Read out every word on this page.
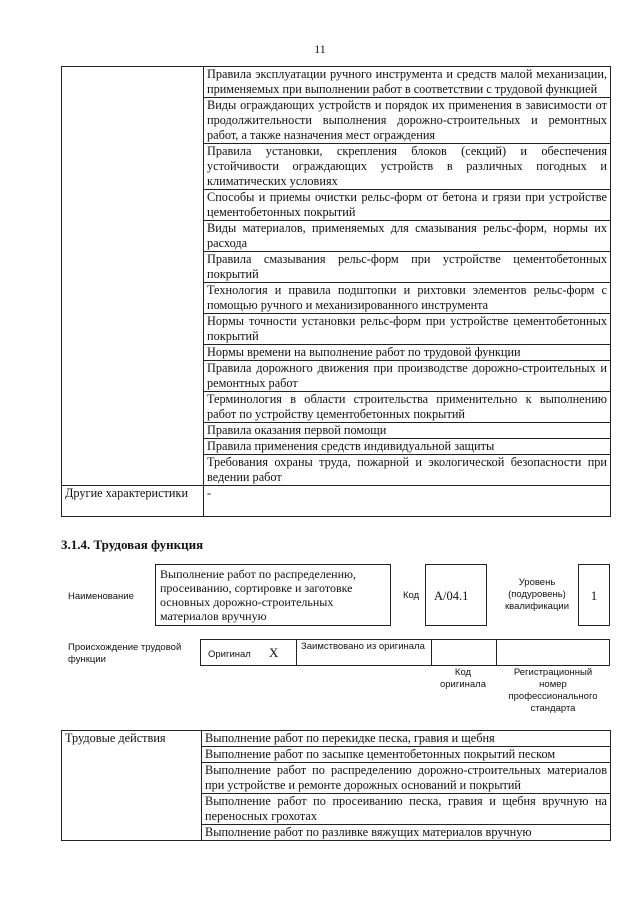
11
	Правила эксплуатации ручного инструмента и средств малой механизации, применяемых при выполнении работ в соответствии с трудовой функцией
	Виды ограждающих устройств и порядок их применения в зависимости от продолжительности выполнения дорожно-строительных и ремонтных работ, а также назначения мест ограждения
	Правила установки, скрепления блоков (секций) и обеспечения устойчивости ограждающих устройств в различных погодных и климатических условиях
	Способы и приемы очистки рельс-форм от бетона и грязи при устройстве цементобетонных покрытий
	Виды материалов, применяемых для смазывания рельс-форм, нормы их расхода
	Правила смазывания рельс-форм при устройстве цементобетонных покрытий
	Технология и правила подштопки и рихтовки элементов рельс-форм с помощью ручного и механизированного инструмента
	Нормы точности установки рельс-форм при устройстве цементобетонных покрытий
	Нормы времени на выполнение работ по трудовой функции
	Правила дорожного движения при производстве дорожно-строительных и ремонтных работ
	Терминология в области строительства применительно к выполнению работ по устройству цементобетонных покрытий
	Правила оказания первой помощи
	Правила применения средств индивидуальной защиты
	Требования охраны труда, пожарной и экологической безопасности при ведении работ
Другие характеристики	-
3.1.4. Трудовая функция
Наименование
Выполнение работ по распределению, просеиванию, сортировке и заготовке основных дорожно-строительных материалов вручную
Код	A/04.1
Уровень (подуровень) квалификации
1
Происхождение трудовой функции	Оригинал X Заимствовано из оригинала
Код оригинала
Регистрационный номер профессионального стандарта
Трудовые действия	Выполнение работ по перекидке песка, гравия и щебня
Выполнение работ по засыпке цементобетонных покрытий песком
Выполнение работ по распределению дорожно-строительных материалов при устройстве и ремонте дорожных оснований и покрытий
Выполнение работ по просеиванию песка, гравия и щебня вручную на переносных грохотах
Выполнение работ по разливке вяжущих материалов вручную
